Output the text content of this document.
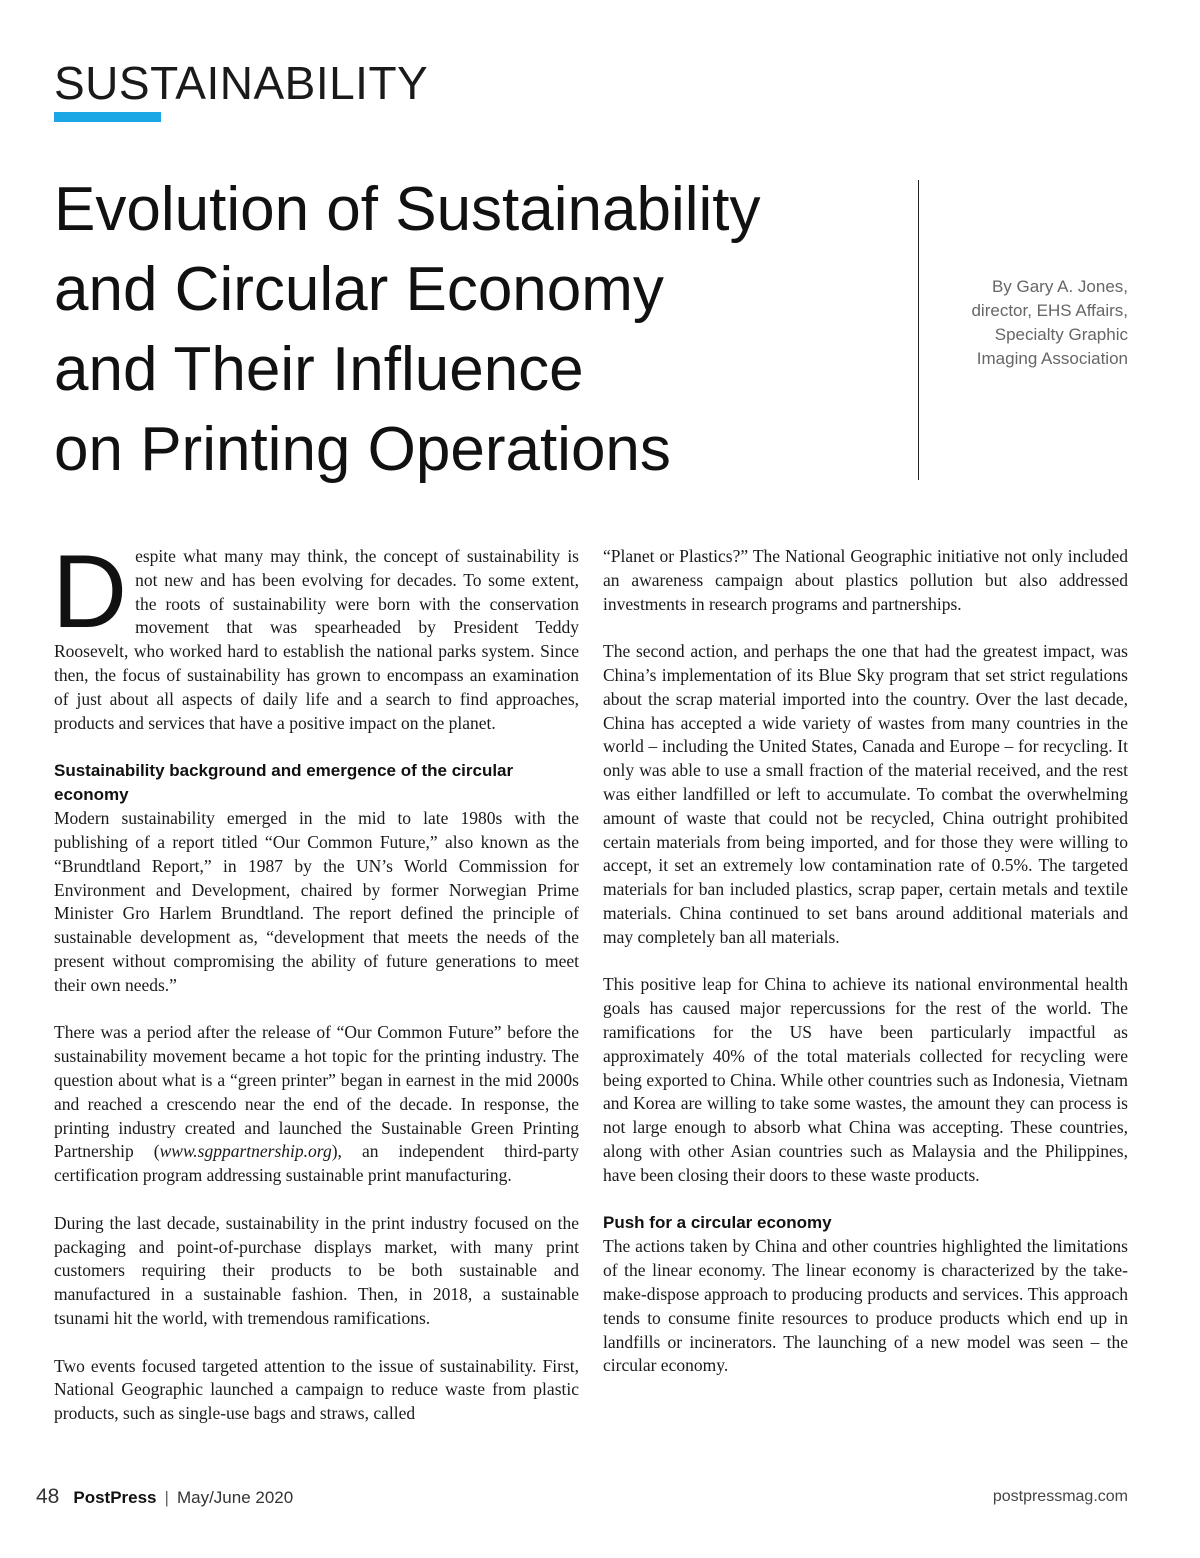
SUSTAINABILITY
Evolution of Sustainability
and Circular Economy
and Their Influence
on Printing Operations
By Gary A. Jones,
director, EHS Affairs,
Specialty Graphic
Imaging Association

Despite what many may think, the concept of sustainability is not new and has been evolving for decades. To some extent, the roots of sustainability were born with the conservation movement that was spearheaded by President Teddy Roosevelt, who worked hard to establish the national parks system. Since then, the focus of sustainability has grown to encompass an examination of just about all aspects of daily life and a search to find approaches, products and services that have a positive impact on the planet.

Sustainability background and emergence of the circular economy

Modern sustainability emerged in the mid to late 1980s with the publishing of a report titled “Our Common Future,” also known as the “Brundtland Report,” in 1987 by the UN’s World Commission for Environment and Development, chaired by former Norwegian Prime Minister Gro Harlem Brundtland. The report defined the principle of sustainable development as, “development that meets the needs of the present without compromising the ability of future generations to meet their own needs.”

There was a period after the release of “Our Common Future” before the sustainability movement became a hot topic for the printing industry. The question about what is a “green printer” began in earnest in the mid 2000s and reached a crescendo near the end of the decade. In response, the printing industry created and launched the Sustainable Green Printing Partnership (www.sgppartnership.org), an independent third-party certification program addressing sustainable print manufacturing.

During the last decade, sustainability in the print industry focused on the packaging and point-of-purchase displays market, with many print customers requiring their products to be both sustainable and manufactured in a sustainable fashion. Then, in 2018, a sustainable tsunami hit the world, with tremendous ramifications.

Two events focused targeted attention to the issue of sustainability. First, National Geographic launched a campaign to reduce waste from plastic products, such as single-use bags and straws, called

“Planet or Plastics?” The National Geographic initiative not only included an awareness campaign about plastics pollution but also addressed investments in research programs and partnerships.

The second action, and perhaps the one that had the greatest impact, was China’s implementation of its Blue Sky program that set strict regulations about the scrap material imported into the country. Over the last decade, China has accepted a wide variety of wastes from many countries in the world – including the United States, Canada and Europe – for recycling. It only was able to use a small fraction of the material received, and the rest was either landfilled or left to accumulate. To combat the overwhelming amount of waste that could not be recycled, China outright prohibited certain materials from being imported, and for those they were willing to accept, it set an extremely low contamination rate of 0.5%. The targeted materials for ban included plastics, scrap paper, certain metals and textile materials. China continued to set bans around additional materials and may completely ban all materials.

This positive leap for China to achieve its national environmental health goals has caused major repercussions for the rest of the world. The ramifications for the US have been particularly impactful as approximately 40% of the total materials collected for recycling were being exported to China. While other countries such as Indonesia, Vietnam and Korea are willing to take some wastes, the amount they can process is not large enough to absorb what China was accepting. These countries, along with other Asian countries such as Malaysia and the Philippines, have been closing their doors to these waste products.

Push for a circular economy

The actions taken by China and other countries highlighted the limitations of the linear economy. The linear economy is characterized by the take-make-dispose approach to producing products and services. This approach tends to consume finite resources to produce products which end up in landfills or incinerators. The launching of a new model was seen – the circular economy.

48 PostPress | May/June 2020	postpressmag.com
